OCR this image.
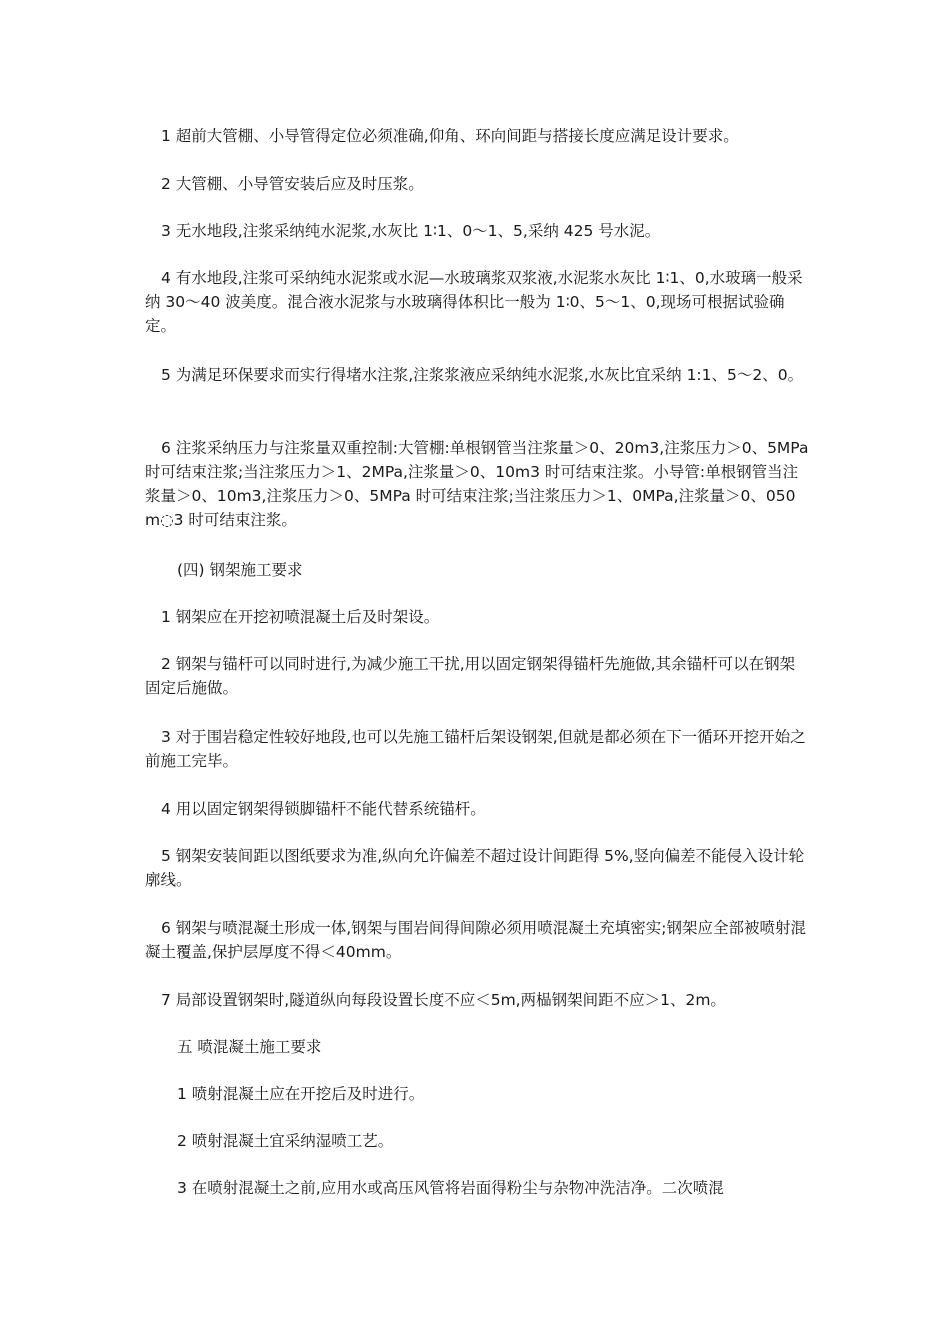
1 超前大管棚、小导管得定位必须准确,仰角、环向间距与搭接长度应满足设计要求。

2 大管棚、小导管安装后应及时压浆。

3 无水地段,注浆采纳纯水泥浆,水灰比 1∶1、0～1、5,采纳 425 号水泥。

4 有水地段,注浆可采纳纯水泥浆或水泥—水玻璃浆双浆液,水泥浆水灰比 1∶1、0,水玻璃一般采纳 30～40 波美度。混合液水泥浆与水玻璃得体积比一般为 1∶0、5～1、0,现场可根据试验确定。

5 为满足环保要求而实行得堵水注浆,注浆浆液应采纳纯水泥浆,水灰比宜采纳 1:1、5～2、0。

6 注浆采纳压力与注浆量双重控制:大管棚:单根钢管当注浆量＞0、20m3,注浆压力＞0、5MPa 时可结束注浆;当注浆压力＞1、2MPa,注浆量＞0、10m3 时可结束注浆。小导管:单根钢管当注浆量＞0、10m3,注浆压力＞0、5MPa 时可结束注浆;当注浆压力＞1、0MPa,注浆量＞0、050m◌3 时可结束注浆。

(四) 钢架施工要求

1 钢架应在开挖初喷混凝土后及时架设。

2 钢架与锚杆可以同时进行,为减少施工干扰,用以固定钢架得锚杆先施做,其余锚杆可以在钢架固定后施做。

3 对于围岩稳定性较好地段,也可以先施工锚杆后架设钢架,但就是都必须在下一循环开挖开始之前施工完毕。

4 用以固定钢架得锁脚锚杆不能代替系统锚杆。

5 钢架安装间距以图纸要求为准,纵向允许偏差不超过设计间距得 5%,竖向偏差不能侵入设计轮廓线。

6 钢架与喷混凝土形成一体,钢架与围岩间得间隙必须用喷混凝土充填密实;钢架应全部被喷射混凝土覆盖,保护层厚度不得＜40mm。

7 局部设置钢架时,隧道纵向每段设置长度不应＜5m,两榀钢架间距不应＞1、2m。

五 喷混凝土施工要求

1 喷射混凝土应在开挖后及时进行。

2 喷射混凝土宜采纳湿喷工艺。

3 在喷射混凝土之前,应用水或高压风管将岩面得粉尘与杂物冲洗洁净。二次喷混
